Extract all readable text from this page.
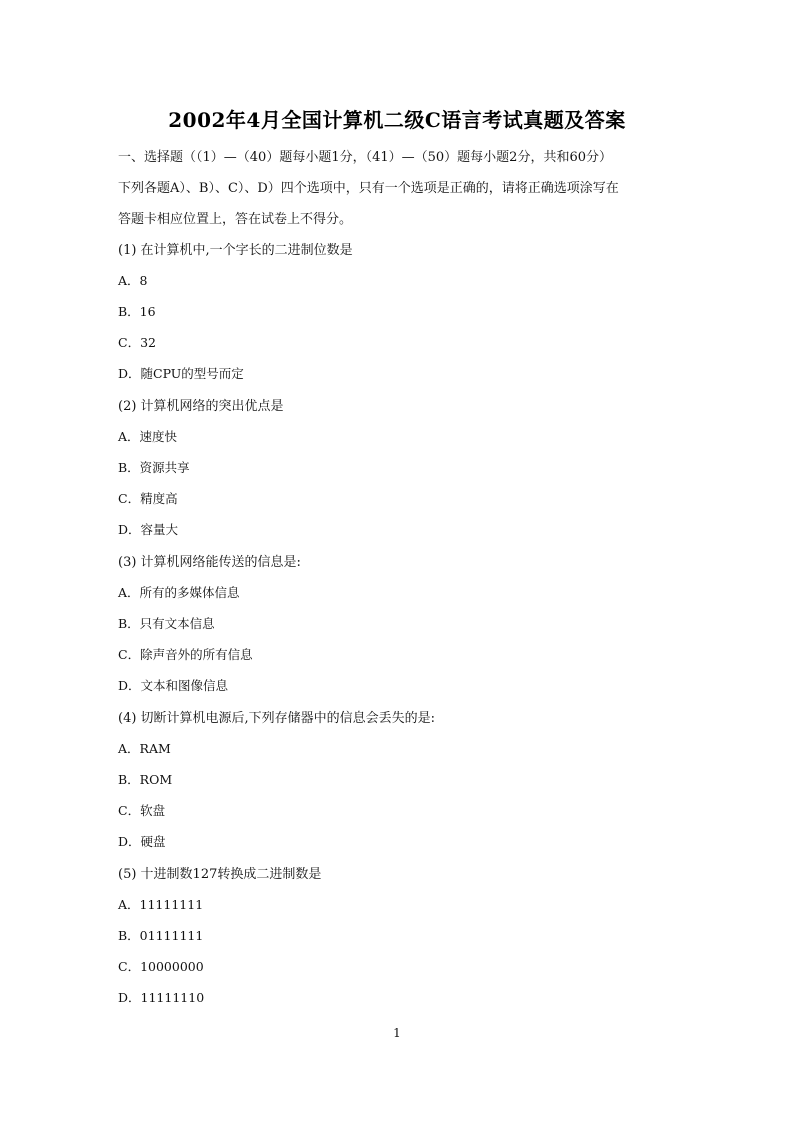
2002年4月全国计算机二级C语言考试真题及答案
一、选择题（（1）—（40）题每小题1分，（41）—（50）题每小题2分，共和60分）
下列各题A）、B）、C）、D）四个选项中，只有一个选项是正确的，请将正确选项涂写在
答题卡相应位置上，答在试卷上不得分。
(1) 在计算机中,一个字长的二进制位数是
A．8
B．16
C．32
D．随CPU的型号而定
(2) 计算机网络的突出优点是
A．速度快
B．资源共享
C．精度高
D．容量大
(3) 计算机网络能传送的信息是:
A．所有的多媒体信息
B．只有文本信息
C．除声音外的所有信息
D．文本和图像信息
(4) 切断计算机电源后,下列存储器中的信息会丢失的是:
A．RAM
B．ROM
C．软盘
D．硬盘
(5) 十进制数127转换成二进制数是
A．11111111
B．01111111
C．10000000
D．11111110
1
